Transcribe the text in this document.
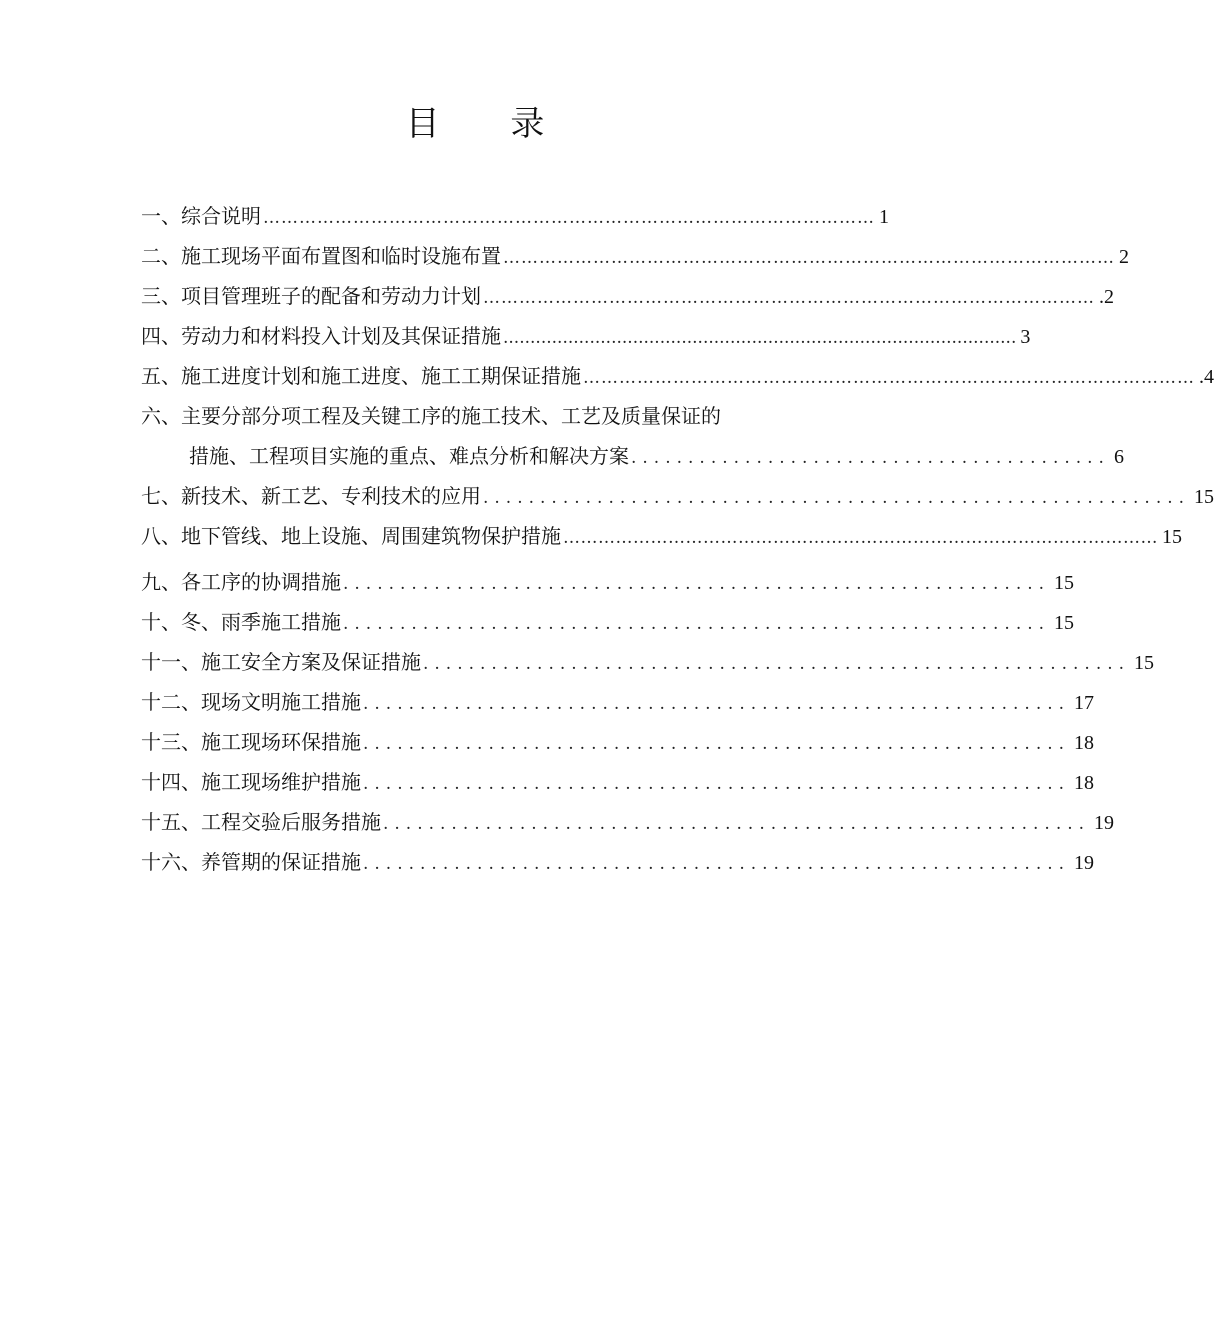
目 录
一、综合说明 ………………………………………………………………………………………… 1
二、施工现场平面布置图和临时设施布置 ………………………………………………………………………………………… 2
三、项目管理班子的配备和劳动力计划 ………………………………………………………………………………………… .2
四、劳动力和材料投入计划及其保证措施 ............................................................................................... 3
五、施工进度计划和施工进度、施工工期保证措施 ………………………………………………………………………………………… .4
六、主要分部分项工程及关键工序的施工技术、工艺及质量保证的
措施、工程项目实施的重点、难点分析和解决方案 .......................................... 6
七、新技术、新工艺、专利技术的应用 .............................................................. 15
八、地下管线、地上设施、周围建筑物保护措施 ………………………………………………………………………………………… 15
九、各工序的协调措施 .............................................................. 15
十、冬、雨季施工措施 .............................................................. 15
十一、施工安全方案及保证措施 .............................................................. 15
十二、现场文明施工措施 .............................................................. 17
十三、施工现场环保措施 .............................................................. 18
十四、施工现场维护措施 .............................................................. 18
十五、工程交验后服务措施 .............................................................. 19
十六、养管期的保证措施 .............................................................. 19
